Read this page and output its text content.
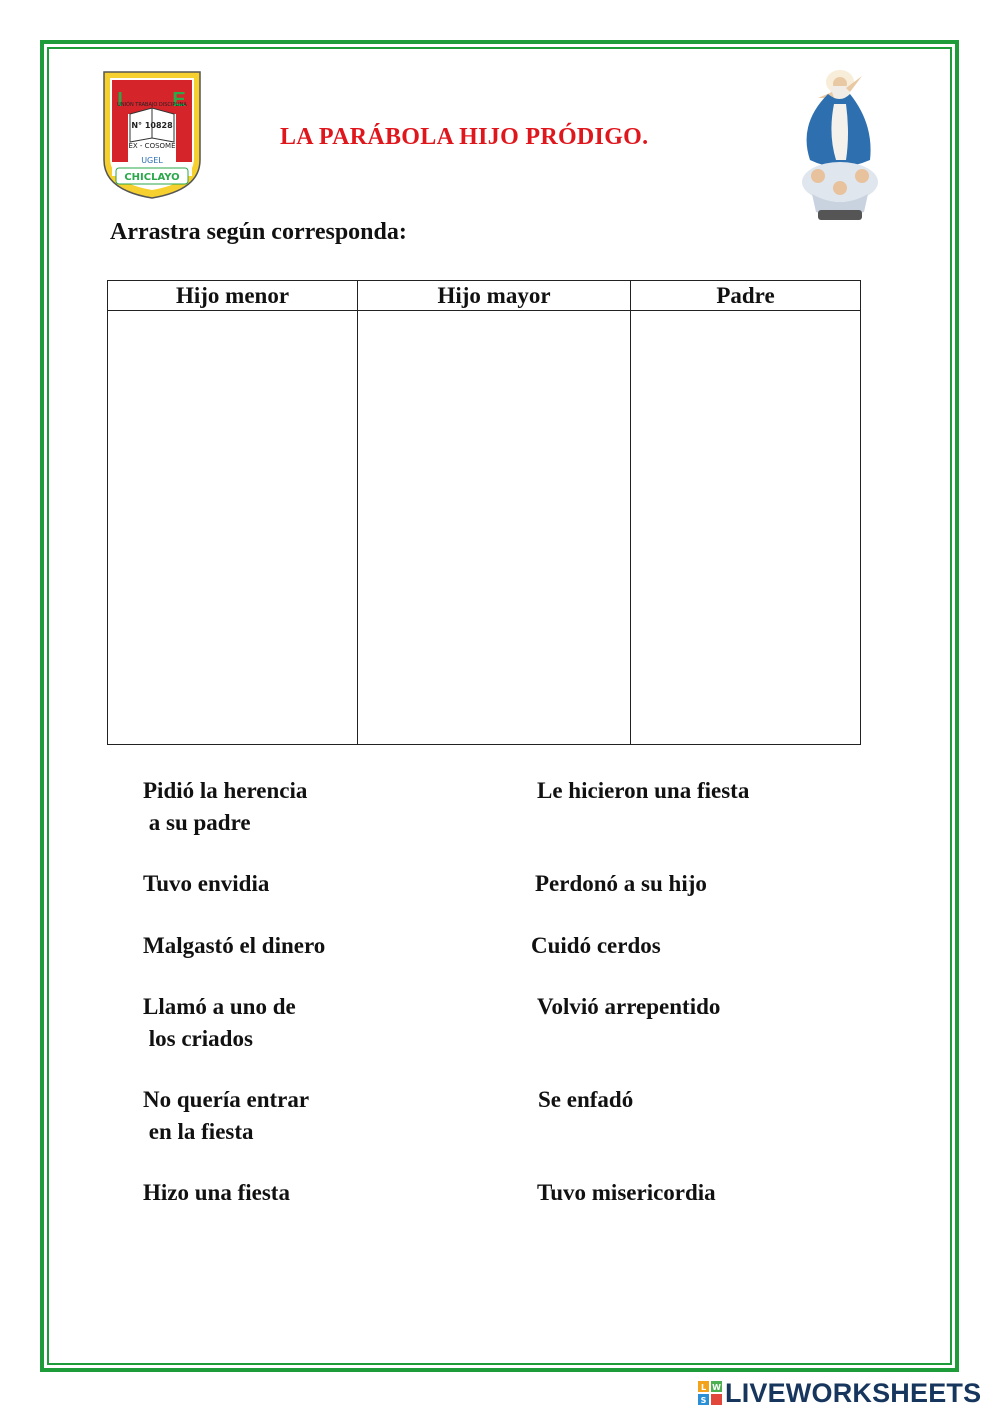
I E
UNIÓN TRABAJO DISCIPLINA
N° 10828
EX - COSOME
UGEL
CHICLAYO
LA PARÁBOLA HIJO PRÓDIGO.
Arrastra según corresponda:
Hijo menor	Hijo mayor	Padre

Pidió la herencia
a su padre
Le hicieron una fiesta
Tuvo envidia	Perdonó a su hijo
Malgastó el dinero	Cuidó cerdos
Llamó a uno de
los criados
Volvió arrepentido
No quería entrar
en la fiesta
Se enfadó
Hizo una fiesta	Tuvo misericordia
L W
S LIVEWORKSHEETS
